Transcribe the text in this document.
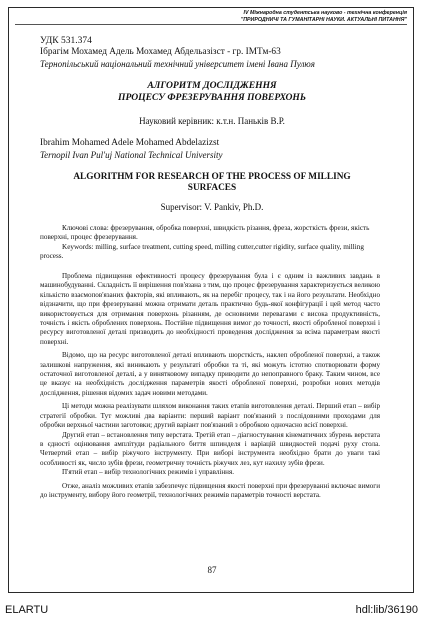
IV Міжнародна студентська науково - технічна конференція
"ПРИРОДНИЧІ ТА ГУМАНІТАРНІ НАУКИ. АКТУАЛЬНІ ПИТАННЯ"

УДК 531.374

Ібрагім Мохамед Адель Мохамед Абдельазізст - гр. ІМТм-63

Тернопільський національний технічний університет імені Івана Пулюя

АЛГОРИТМ ДОСЛІДЖЕННЯ
ПРОЦЕСУ ФРЕЗЕРУВАННЯ ПОВЕРХОНЬ

Науковий керівник: к.т.н. Паньків В.Р.

Ibrahim Mohamed Adele Mohamed Abdelazizst

Ternopil Ivan Pul'uj National Technical University

ALGORITHM FOR RESEARCH OF THE PROCESS OF MILLING
SURFACES

Supervisor: V. Pankiv, Ph.D.

Ключові слова: фрезерування, обробка поверхні, швидкість різання, фреза, жорсткість фрези, якість поверхні, процес фрезерування.
Keywords: milling, surface treatment, cutting speed, milling cutter,cutter rigidity, surface quality, milling process.

Проблема підвищення ефективності процесу фрезерування була і є одним із важливих завдань в машинобудуванні. Складність її вирішення пов'язана з тим, що процес фрезерування характеризується великою кількістю взаємопов'язаних факторів, які впливають, як на перебіг процесу, так і на його результати. Необхідно відзначити, що при фрезеруванні можна отримати деталь практично будь-якої конфігурації і цей метод часто використовується для отримання поверхонь різанням, де основними перевагами є висока продуктивність, точність і якість оброблених поверхонь. Постійне підвищення вимог до точності, якості обробленої поверхні і ресурсу виготовленої деталі призводить до необхідності проведення дослідження за всіма параметрам якості поверхні.

Відомо, що на ресурс виготовленої деталі впливають шорсткість, наклеп обробленої поверхні, а також залишкові напруження, які виникають у результаті обробки та ті, які можуть істотно спотворювати форму остаточної виготовленої деталі, а у винятковому випадку приводити до непоправного браку. Таким чином, все це вказує на необхідність дослідження параметрів якості обробленої поверхні, розробки нових методів дослідження, рішення відомих задач новими методами.

Ці методи можна реалізувати шляхом виконання таких етапів виготовлення деталі. Перший етап – вибір стратегії обробки. Тут можливі два варіанти: перший варіант пов'язаний з послідовними проходами для обробки верхньої частини заготовки; другий варіант пов'язаний з обробкою одночасно всієї поверхні.

Другий етап – встановлення типу верстата. Третій етап – діагностування кінематичних збурень верстата в єдності оцінювання амплітуди радіального биття шпинделя і варіацій швидкостей подачі руху стола. Четвертий етап – вибір ріжучого інструменту. При виборі інструмента необхідно брати до уваги такі особливості як, число зубів фрези, геометричну точність ріжучих лез, кут нахилу зубів фрези.

П'ятий етап – вибір технологічних режимів і управління.

Отже, аналіз можливих етапів забезпечує підвищення якості поверхні при фрезеруванні включає вимоги до інструменту, вибору його геометрії, технологічних режимів параметрів точності верстата.

87
ELARTU	hdl:lib/36190
